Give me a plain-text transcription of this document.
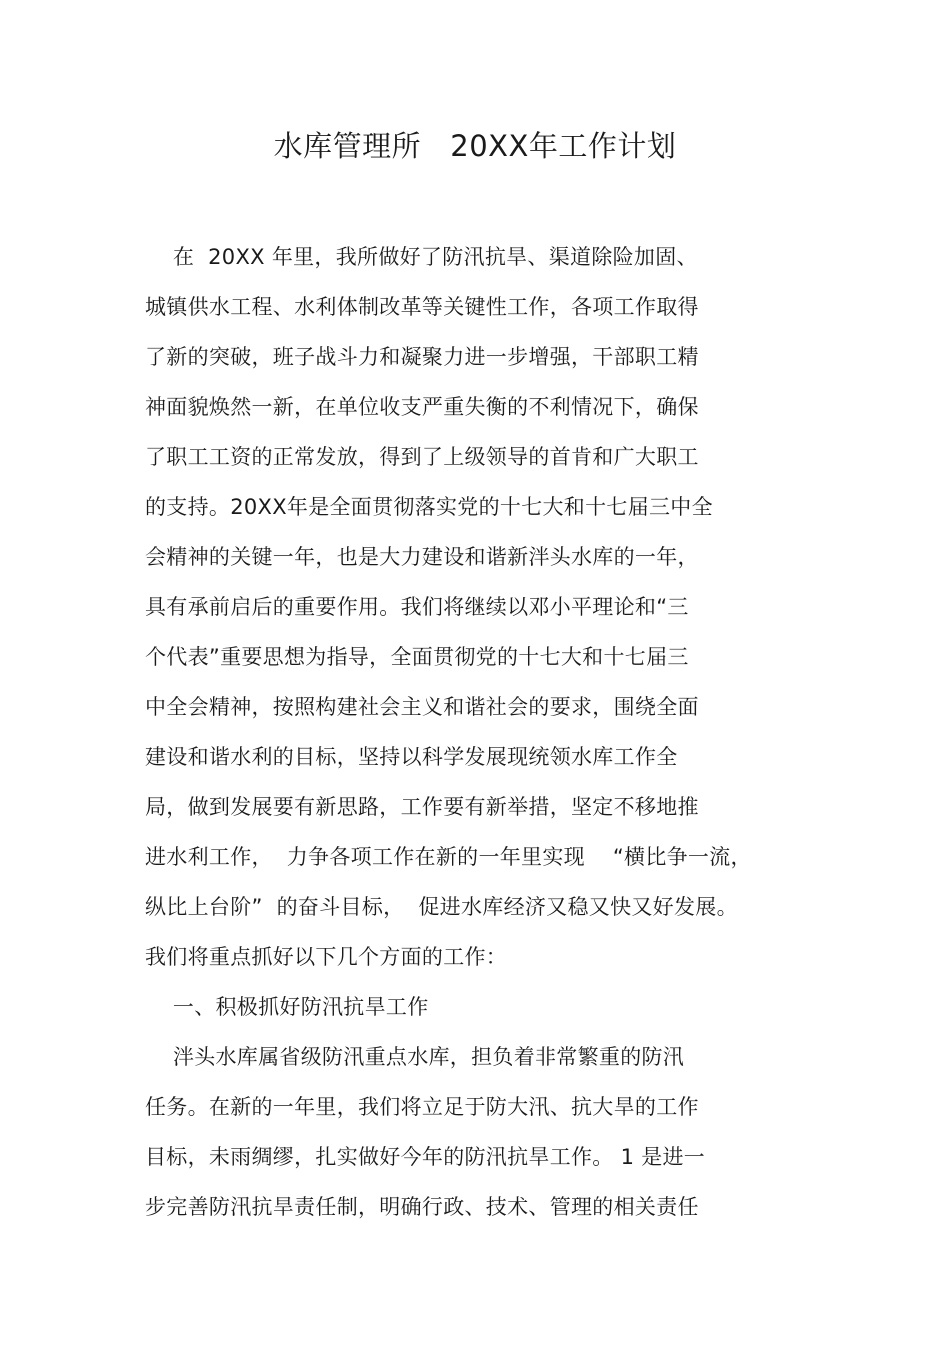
水库管理所   20XX年工作计划
在  20XX 年里，我所做好了防汛抗旱、渠道除险加固、
城镇供水工程、水利体制改革等关键性工作，各项工作取得
了新的突破，班子战斗力和凝聚力进一步增强，干部职工精
神面貌焕然一新，在单位收支严重失衡的不利情况下，确保
了职工工资的正常发放，得到了上级领导的首肯和广大职工
的支持。20XX年是全面贯彻落实党的十七大和十七届三中全
会精神的关键一年，也是大力建设和谐新泮头水库的一年，
具有承前启后的重要作用。我们将继续以邓小平理论和“三
个代表”重要思想为指导，全面贯彻党的十七大和十七届三
中全会精神，按照构建社会主义和谐社会的要求，围绕全面
建设和谐水利的目标，坚持以科学发展现统领水库工作全
局，做到发展要有新思路，工作要有新举措，坚定不移地推
进水利工作，  力争各项工作在新的一年里实现    “横比争一流，
纵比上台阶”  的奋斗目标，  促进水库经济又稳又快又好发展。
我们将重点抓好以下几个方面的工作：
一、积极抓好防汛抗旱工作
泮头水库属省级防汛重点水库，担负着非常繁重的防汛
任务。在新的一年里，我们将立足于防大汛、抗大旱的工作
目标，未雨绸缪，扎实做好今年的防汛抗旱工作。 1 是进一
步完善防汛抗旱责任制，明确行政、技术、管理的相关责任
